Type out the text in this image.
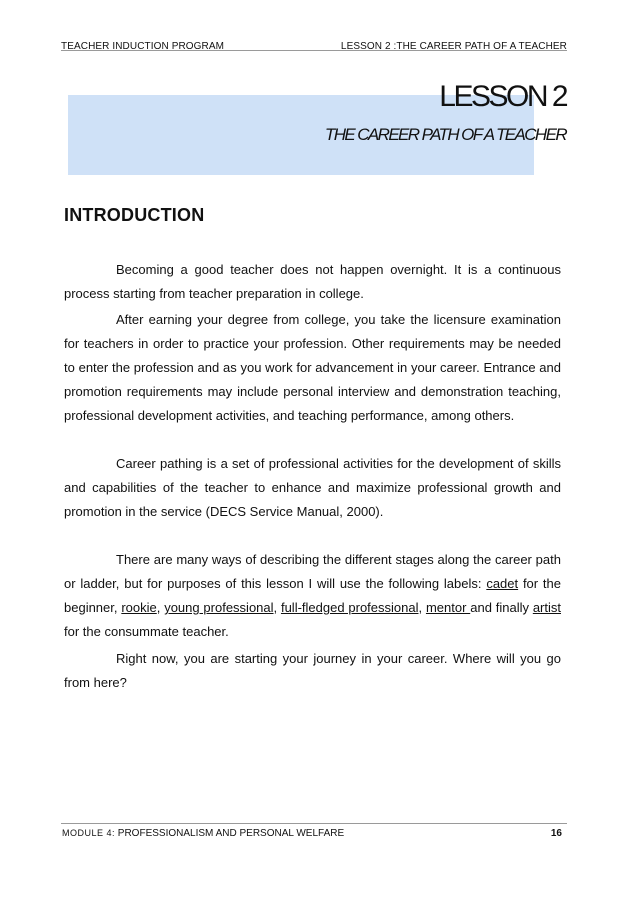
TEACHER INDUCTION PROGRAM	LESSON 2 :THE CAREER PATH OF A TEACHER
LESSON 2
THE CAREER PATH OF A TEACHER
INTRODUCTION

Becoming a good teacher does not happen overnight. It is a continuous process starting from teacher preparation in college.

After earning your degree from college, you take the licensure examination for teachers in order to practice your profession. Other requirements may be needed to enter the profession and as you work for advancement in your career. Entrance and promotion requirements may include personal interview and demonstration teaching, professional development activities, and teaching performance, among others.

Career pathing is a set of professional activities for the development of skills and capabilities of the teacher to enhance and maximize professional growth and promotion in the service (DECS Service Manual, 2000).

There are many ways of describing the different stages along the career path or ladder, but for purposes of this lesson I will use the following labels: cadet for the beginner, rookie, young professional, full-fledged professional, mentor and finally artist for the consummate teacher.

Right now, you are starting your journey in your career. Where will you go from here?

MODULE 4: PROFESSIONALISM AND PERSONAL WELFARE	16
